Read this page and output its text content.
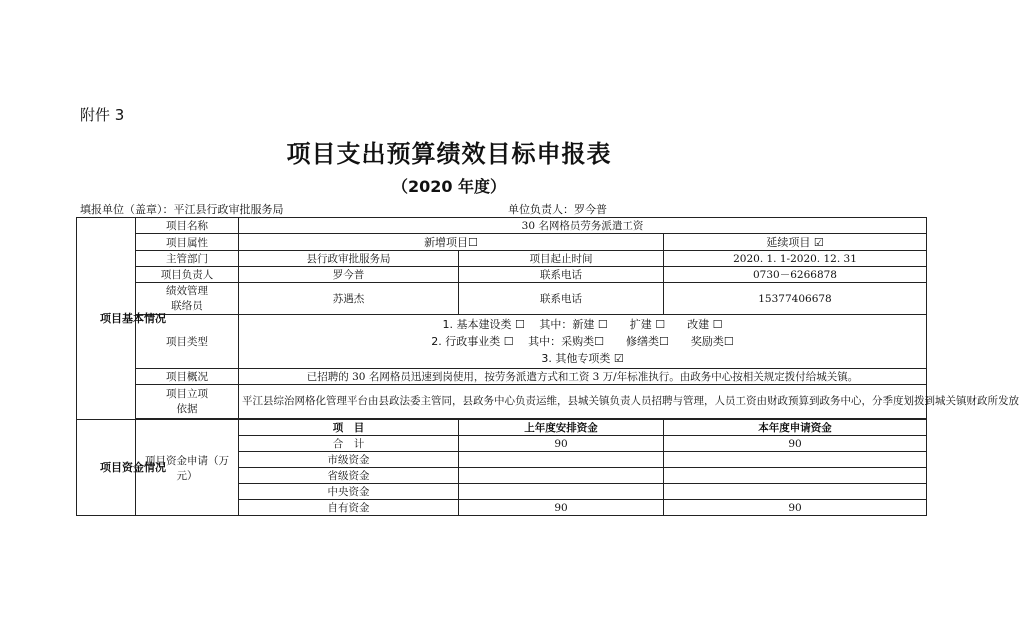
附件 3
项目支出预算绩效目标申报表
（2020 年度）
填报单位（盖章）：平江县行政审批服务局	单位负责人：罗今普
项目基本情况	项目名称	30 名网格员劳务派遣工资		
	项目属性	新增项目☐		延续项目 ☑
	主管部门	县行政审批服务局	项目起止时间	2020. 1. 1-2020. 12. 31
	项目负责人	罗今普	联系电话	0730－6266878

	绩效管理
联络员	苏遇杰	联系电话	15377406678
	项目类型	1. 基本建设类 ☐　 其中：新建 ☐　　扩建 ☐　　改建 ☐
2. 行政事业类 ☐　 其中：采购类☐　　修缮类☐　　奖励类☐
3. 其他专项类 ☑		

	项目概况	已招聘的 30 名网格员迅速到岗使用，按劳务派遣方式和工资 3 万/年标准执行。由政务中心按相关规定拨付给城关镇。		

	项目立项
依据	平江县综治网格化管理平台由县政法委主管同，县政务中心负责运维，县城关镇负责人员招聘与管理，人员工资由财政预算到政务中心，分季度划拨到城关镇财政所发放		

项目资金情况	项目资金申请（万元）	项　目	上年度安排资金	本年度申请资金
		合　计	90	90
		市级资金		
		省级资金		
		中央资金		
		自有资金	90	90
